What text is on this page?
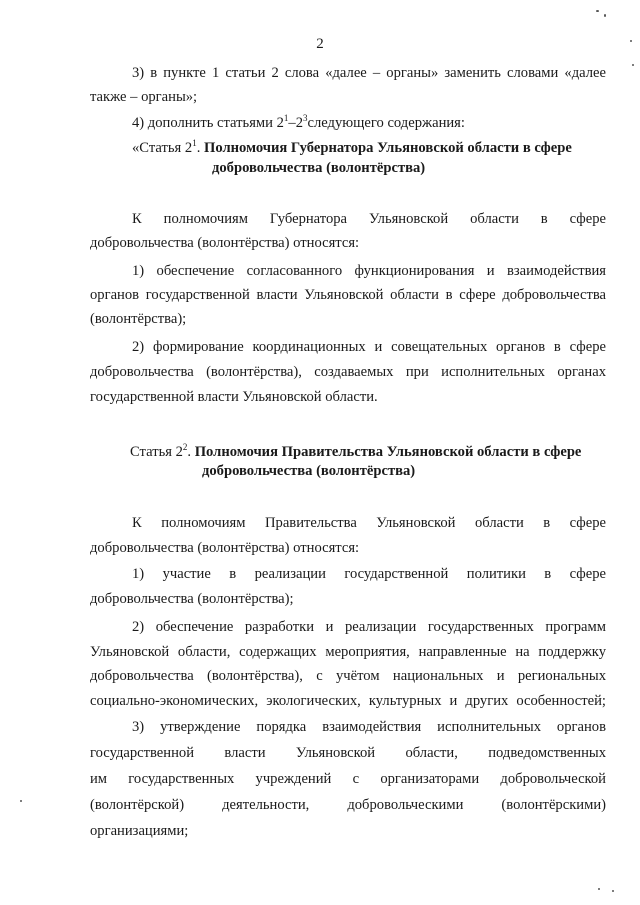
2
3) в пункте 1 статьи 2 слова «далее – органы» заменить словами «далее
также – органы»;
4) дополнить статьями $2^1-2^3следующего$ содержания:
«Статья $2^1$. Полномочия Губернатора Ульяновской области в сфере
добровольчества (волонтёрства)
К полномочиям Губернатора Ульяновской области в сфере
добровольчества (волонтёрства) относятся:
1) обеспечение согласованного функционирования и взаимодействия
органов государственной власти Ульяновской области в сфере добровольчества
(волонтёрства);
2) формирование координационных и совещательных органов в сфере
добровольчества (волонтёрства), создаваемых при исполнительных органах
государственной власти Ульяновской области.
Статья $2^2$. Полномочия Правительства Ульяновской области в сфере
добровольчества (волонтёрства)
К полномочиям Правительства Ульяновской области в сфере
добровольчества (волонтёрства) относятся:
1) участие в реализации государственной политики в сфере
добровольчества (волонтёрства);
2) обеспечение разработки и реализации государственных программ
Ульяновской области, содержащих мероприятия, направленные на поддержку
добровольчества (волонтёрства), с учётом национальных и региональных
социально-экономических, экологических, культурных и других особенностей;
3) утверждение порядка взаимодействия исполнительных органов
государственной власти Ульяновской области, подведомственных
им государственных учреждений с организаторами добровольческой
(волонтёрской) деятельности, добровольческими (волонтёрскими)
организациями;
